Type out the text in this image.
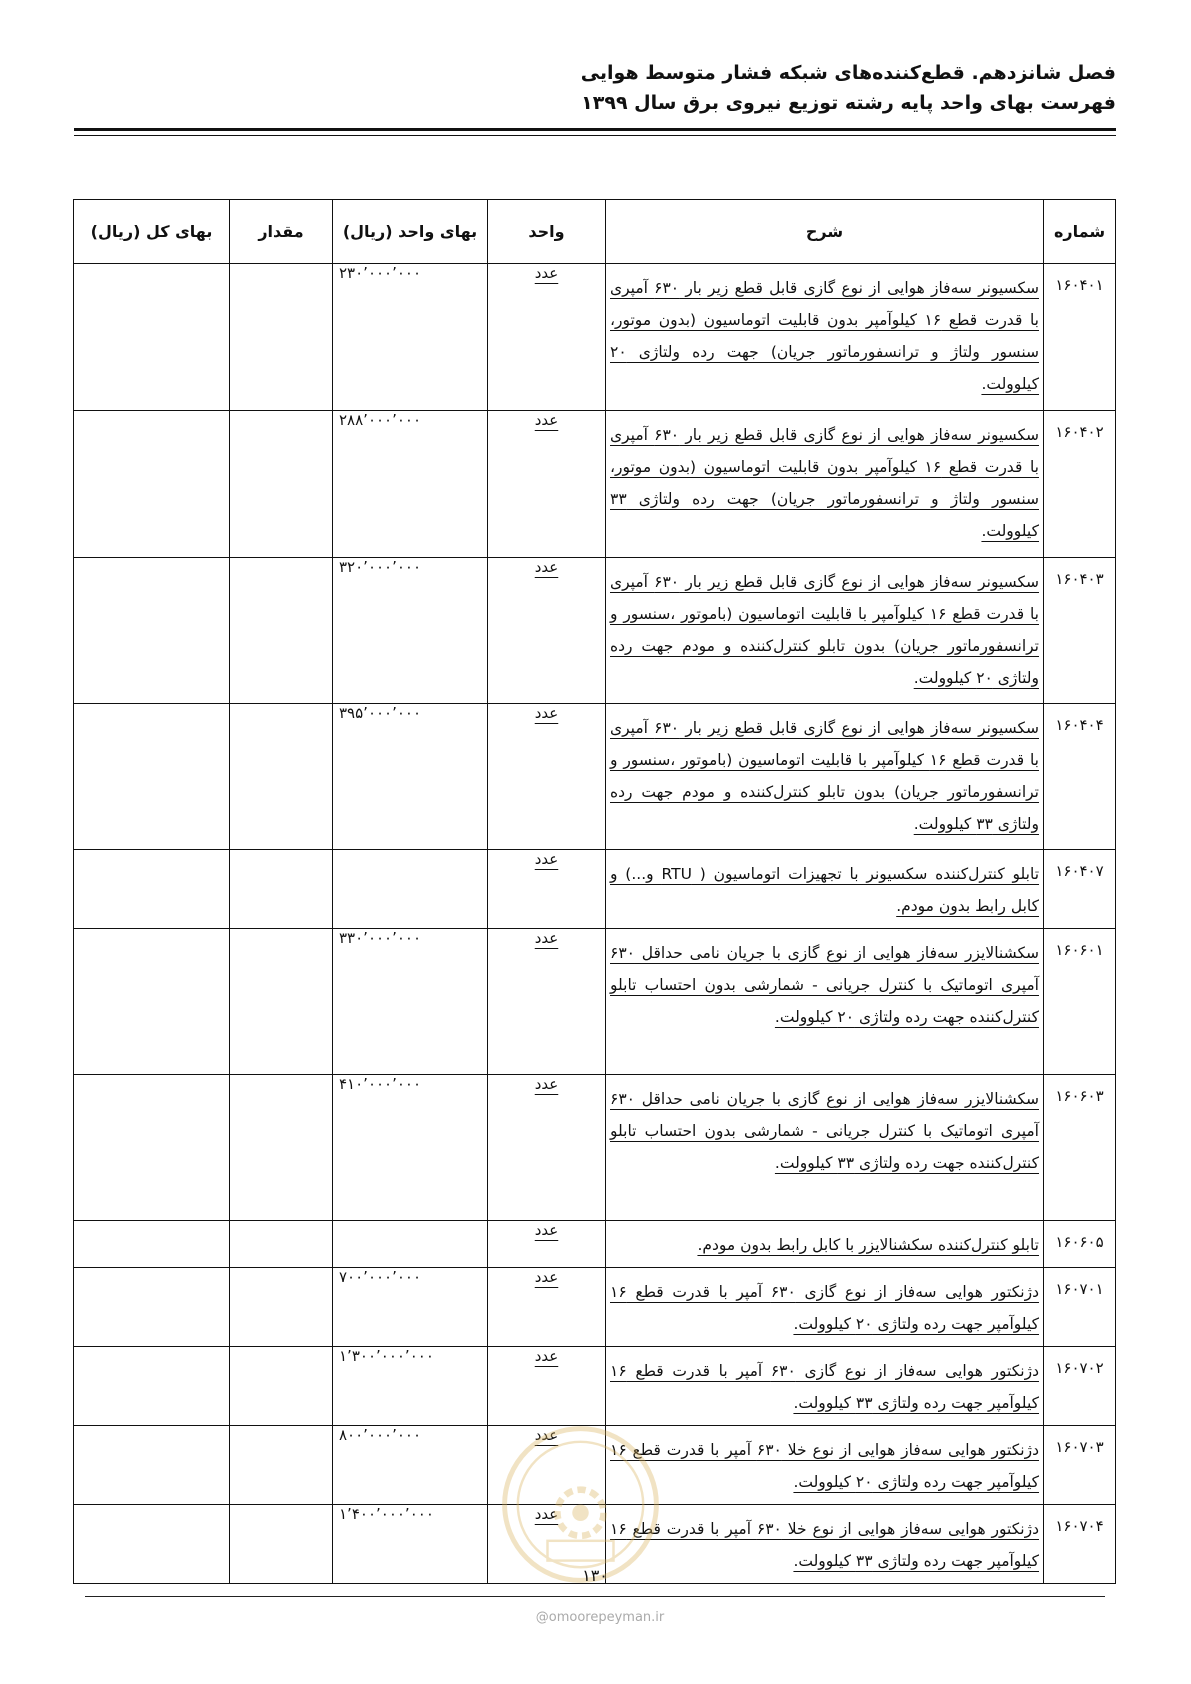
فصل شانزدهم. قطع‌کننده‌های شبکه فشار متوسط هوایی
فهرست بهای واحد پایه رشته توزیع نیروی برق سال ۱۳۹۹
شماره	شرح	واحد	بهای واحد (ریال)	مقدار	بهای کل (ریال)
۱۶۰۴۰۱	سکسیونر سه‌فاز هوایی از نوع گازی قابل قطع زیر بار ۶۳۰ آمپری با قدرت قطع ۱۶ کیلوآمپر بدون قابلیت اتوماسیون (بدون موتور، سنسور ولتاژ و ترانسفورماتور جریان) جهت رده ولتاژی ۲۰ کیلوولت.	عدد	۲۳۰٬۰۰۰٬۰۰۰		
۱۶۰۴۰۲	سکسیونر سه‌فاز هوایی از نوع گازی قابل قطع زیر بار ۶۳۰ آمپری با قدرت قطع ۱۶ کیلوآمپر بدون قابلیت اتوماسیون (بدون موتور، سنسور ولتاژ و ترانسفورماتور جریان) جهت رده ولتاژی ۳۳ کیلوولت.	عدد	۲۸۸٬۰۰۰٬۰۰۰		
۱۶۰۴۰۳	سکسیونر سه‌فاز هوایی از نوع گازی قابل قطع زیر بار ۶۳۰ آمپری با قدرت قطع ۱۶ کیلوآمپر با قابلیت اتوماسیون (باموتور ،سنسور و ترانسفورماتور جریان) بدون تابلو کنترل‌کننده و مودم جهت رده ولتاژی ۲۰ کیلوولت.	عدد	۳۲۰٬۰۰۰٬۰۰۰		
۱۶۰۴۰۴	سکسیونر سه‌فاز هوایی از نوع گازی قابل قطع زیر بار ۶۳۰ آمپری با قدرت قطع ۱۶ کیلوآمپر با قابلیت اتوماسیون (باموتور ،سنسور و ترانسفورماتور جریان) بدون تابلو کنترل‌کننده و مودم جهت رده ولتاژی ۳۳ کیلوولت.	عدد	۳۹۵٬۰۰۰٬۰۰۰		
۱۶۰۴۰۷	تابلو کنترل‌کننده سکسیونر با تجهیزات اتوماسیون ( RTU و...) و کابل رابط بدون مودم.	عدد			
۱۶۰۶۰۱	سکشنالایزر سه‌فاز هوایی از نوع گازی با جریان نامی حداقل ۶۳۰ آمپری اتوماتیک با کنترل جریانی - شمارشی بدون احتساب تابلو کنترل‌کننده جهت رده ولتاژی ۲۰ کیلوولت.	عدد	۳۳۰٬۰۰۰٬۰۰۰		
۱۶۰۶۰۳	سکشنالایزر سه‌فاز هوایی از نوع گازی با جریان نامی حداقل ۶۳۰ آمپری اتوماتیک با کنترل جریانی - شمارشی بدون احتساب تابلو کنترل‌کننده جهت رده ولتاژی ۳۳ کیلوولت.	عدد	۴۱۰٬۰۰۰٬۰۰۰		
۱۶۰۶۰۵	تابلو کنترل‌کننده سکشنالایزر با کابل رابط بدون مودم.	عدد			
۱۶۰۷۰۱	دژنکتور هوایی سه‌فاز از نوع گازی ۶۳۰ آمپر با قدرت قطع ۱۶ کیلوآمپر جهت رده ولتاژی ۲۰ کیلوولت.	عدد	۷۰۰٬۰۰۰٬۰۰۰		
۱۶۰۷۰۲	دژنکتور هوایی سه‌فاز از نوع گازی ۶۳۰ آمپر با قدرت قطع ۱۶ کیلوآمپر جهت رده ولتاژی ۳۳ کیلوولت.	عدد	۱٬۳۰۰٬۰۰۰٬۰۰۰		
۱۶۰۷۰۳	دژنکتور هوایی سه‌فاز هوایی از نوع خلا ۶۳۰ آمپر با قدرت قطع ۱۶ کیلوآمپر جهت رده ولتاژی ۲۰ کیلوولت.	عدد	۸۰۰٬۰۰۰٬۰۰۰		
۱۶۰۷۰۴	دژنکتور هوایی سه‌فاز هوایی از نوع خلا ۶۳۰ آمپر با قدرت قطع ۱۶ کیلوآمپر جهت رده ولتاژی ۳۳ کیلوولت.	عدد	۱٬۴۰۰٬۰۰۰٬۰۰۰		
۱۳۰
@omoorepeyman.ir
